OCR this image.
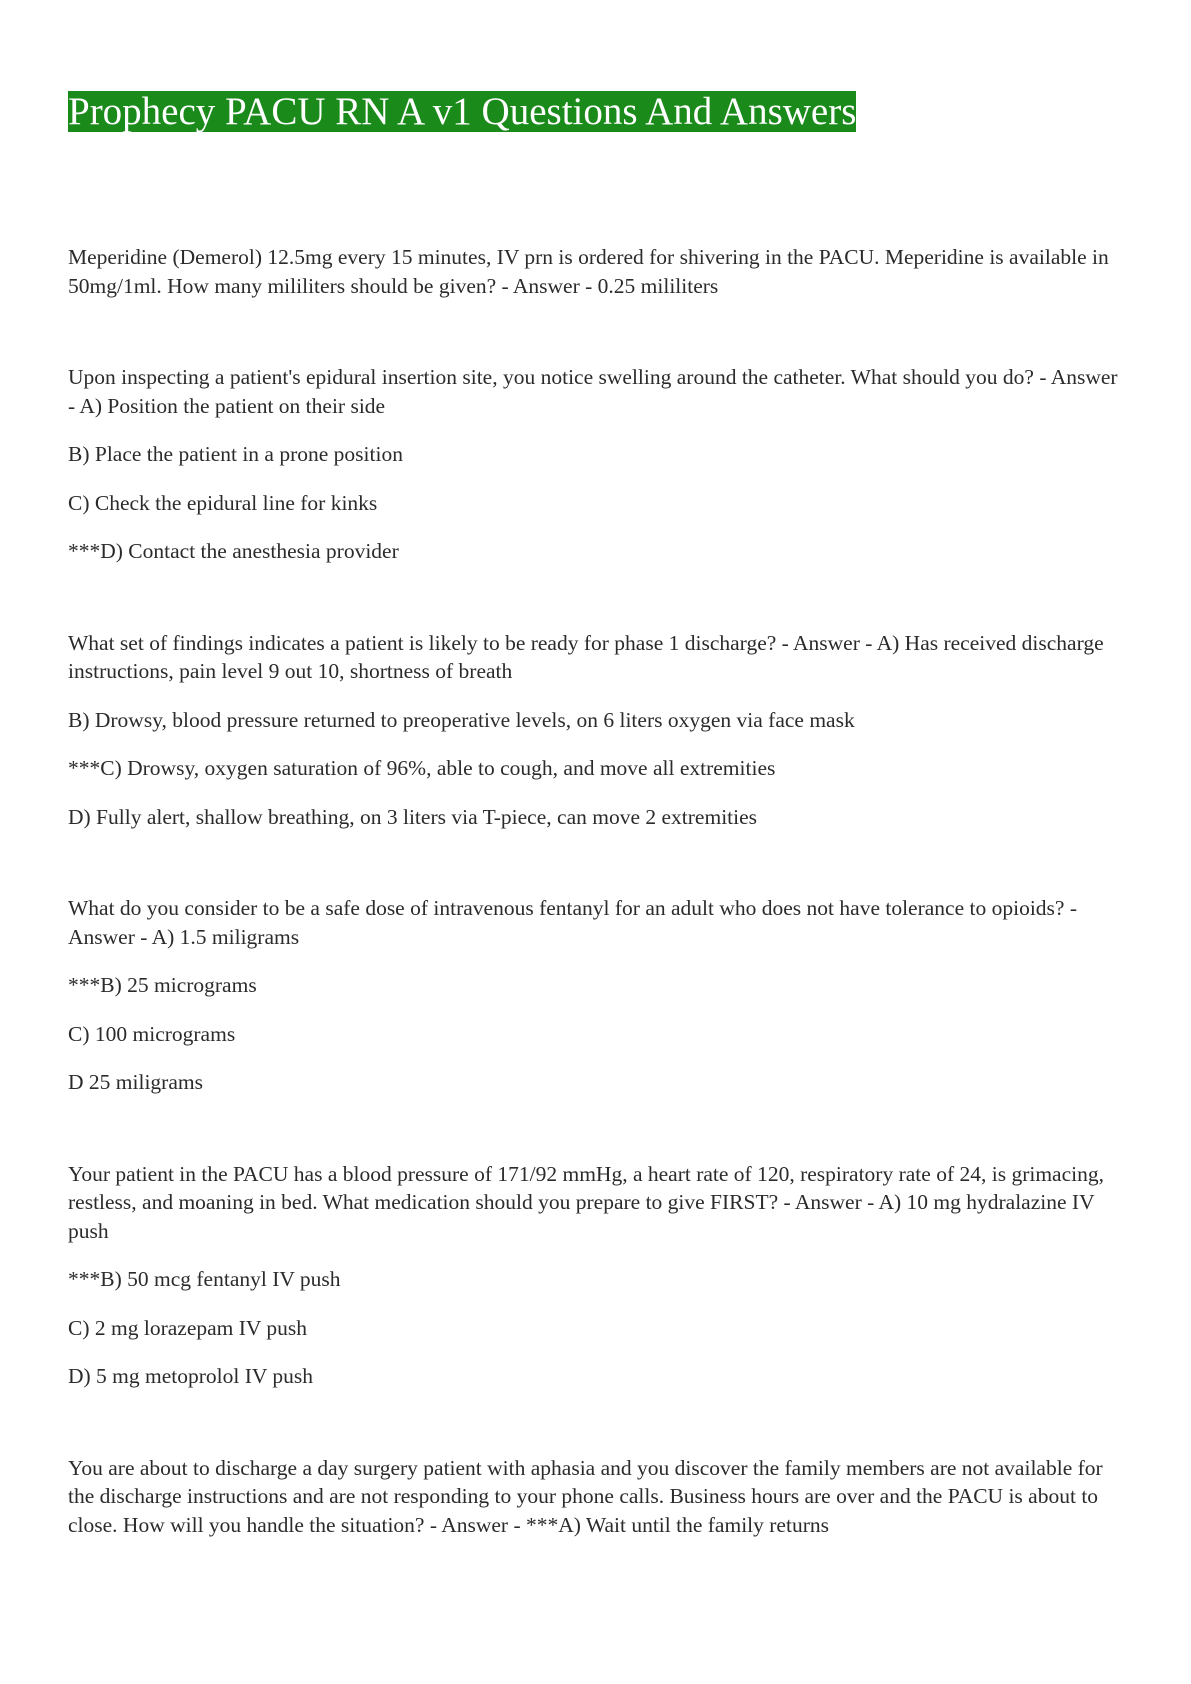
Prophecy PACU RN A v1 Questions And Answers

Meperidine (Demerol) 12.5mg every 15 minutes, IV prn is ordered for shivering in the PACU. Meperidine is available in 50mg/1ml. How many mililiters should be given? - Answer - 0.25 mililiters

Upon inspecting a patient's epidural insertion site, you notice swelling around the catheter. What should you do? - Answer - A) Position the patient on their side

B) Place the patient in a prone position

C) Check the epidural line for kinks

***D) Contact the anesthesia provider

What set of findings indicates a patient is likely to be ready for phase 1 discharge? - Answer - A) Has received discharge instructions, pain level 9 out 10, shortness of breath

B) Drowsy, blood pressure returned to preoperative levels, on 6 liters oxygen via face mask

***C) Drowsy, oxygen saturation of 96%, able to cough, and move all extremities

D) Fully alert, shallow breathing, on 3 liters via T-piece, can move 2 extremities

What do you consider to be a safe dose of intravenous fentanyl for an adult who does not have tolerance to opioids? - Answer - A) 1.5 miligrams

***B) 25 micrograms

C) 100 micrograms

D 25 miligrams

Your patient in the PACU has a blood pressure of 171/92 mmHg, a heart rate of 120, respiratory rate of 24, is grimacing, restless, and moaning in bed. What medication should you prepare to give FIRST? - Answer - A) 10 mg hydralazine IV push

***B) 50 mcg fentanyl IV push

C) 2 mg lorazepam IV push

D) 5 mg metoprolol IV push

You are about to discharge a day surgery patient with aphasia and you discover the family members are not available for the discharge instructions and are not responding to your phone calls. Business hours are over and the PACU is about to close. How will you handle the situation? - Answer - ***A) Wait until the family returns
